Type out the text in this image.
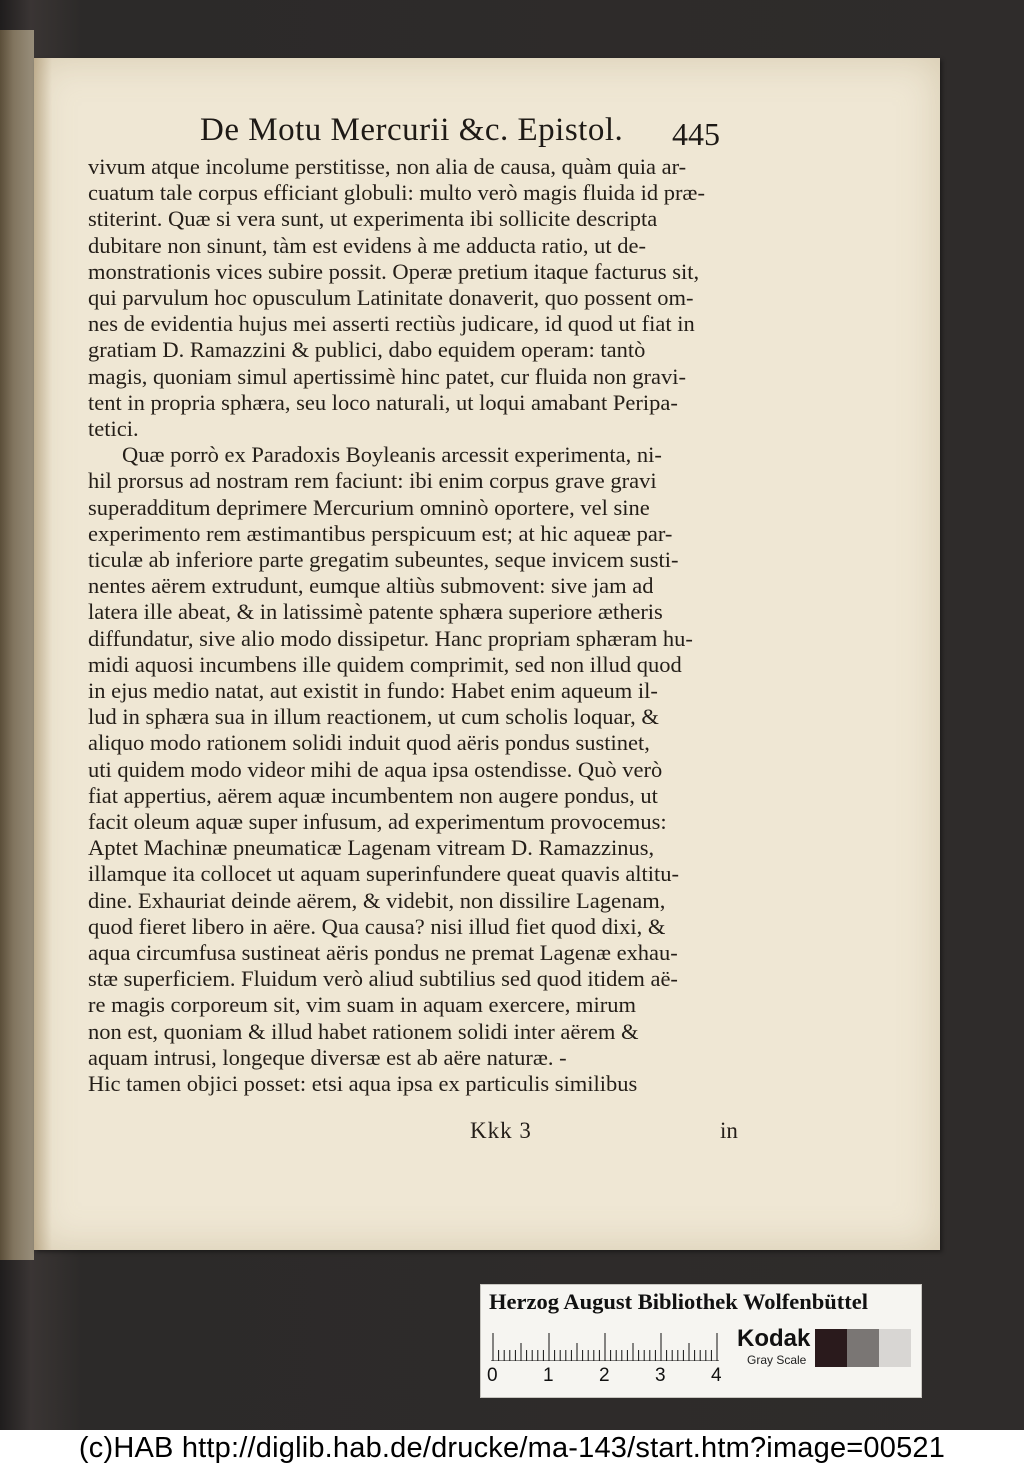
De Motu Mercurii &c. Epistol. 445
vivum atque incolume perstitisse, non alia de causa, quàm quia ar-
cuatum tale corpus efficiant globuli: multo verò magis fluida id præ-
stiterint. Quæ si vera sunt, ut experimenta ibi sollicite descripta
dubitare non sinunt, tàm est evidens à me adducta ratio, ut de-
monstrationis vices subire possit. Operæ pretium itaque facturus sit,
qui parvulum hoc opusculum Latinitate donaverit, quo possent om-
nes de evidentia hujus mei asserti rectiùs judicare, id quod ut fiat in
gratiam D. Ramazzini & publici, dabo equidem operam: tantò
magis, quoniam simul apertissimè hinc patet, cur fluida non gravi-
tent in propria sphæra, seu loco naturali, ut loqui amabant Peripa-
tetici.
Quæ porrò ex Paradoxis Boyleanis arcessit experimenta, ni-
hil prorsus ad nostram rem faciunt: ibi enim corpus grave gravi
superadditum deprimere Mercurium omninò oportere, vel sine
experimento rem æstimantibus perspicuum est; at hic aqueæ par-
ticulæ ab inferiore parte gregatim subeuntes, seque invicem susti-
nentes aërem extrudunt, eumque altiùs submovent: sive jam ad
latera ille abeat, & in latissimè patente sphæra superiore ætheris
diffundatur, sive alio modo dissipetur. Hanc propriam sphæram hu-
midi aquosi incumbens ille quidem comprimit, sed non illud quod
in ejus medio natat, aut existit in fundo: Habet enim aqueum il-
lud in sphæra sua in illum reactionem, ut cum scholis loquar, &
aliquo modo rationem solidi induit quod aëris pondus sustinet,
uti quidem modo videor mihi de aqua ipsa ostendisse. Quò verò
fiat appertius, aërem aquæ incumbentem non augere pondus, ut
facit oleum aquæ super infusum, ad experimentum provocemus:
Aptet Machinæ pneumaticæ Lagenam vitream D. Ramazzinus,
illamque ita collocet ut aquam superinfundere queat quavis altitu-
dine. Exhauriat deinde aërem, & videbit, non dissilire Lagenam,
quod fieret libero in aëre. Qua causa? nisi illud fiet quod dixi, &
aqua circumfusa sustineat aëris pondus ne premat Lagenæ exhau-
stæ superficiem. Fluidum verò aliud subtilius sed quod itidem aë-
re magis corporeum sit, vim suam in aquam exercere, mirum
non est, quoniam & illud habet rationem solidi inter aërem &
aquam intrusi, longeque diversæ est ab aëre naturæ. -
Hic tamen objici posset: etsi aqua ipsa ex particulis similibus
Kkk 3	in
Herzog August Bibliothek Wolfenbüttel
0 1 2 3 4
Kodak
Gray Scale
(c)HAB http://diglib.hab.de/drucke/ma-143/start.htm?image=00521
